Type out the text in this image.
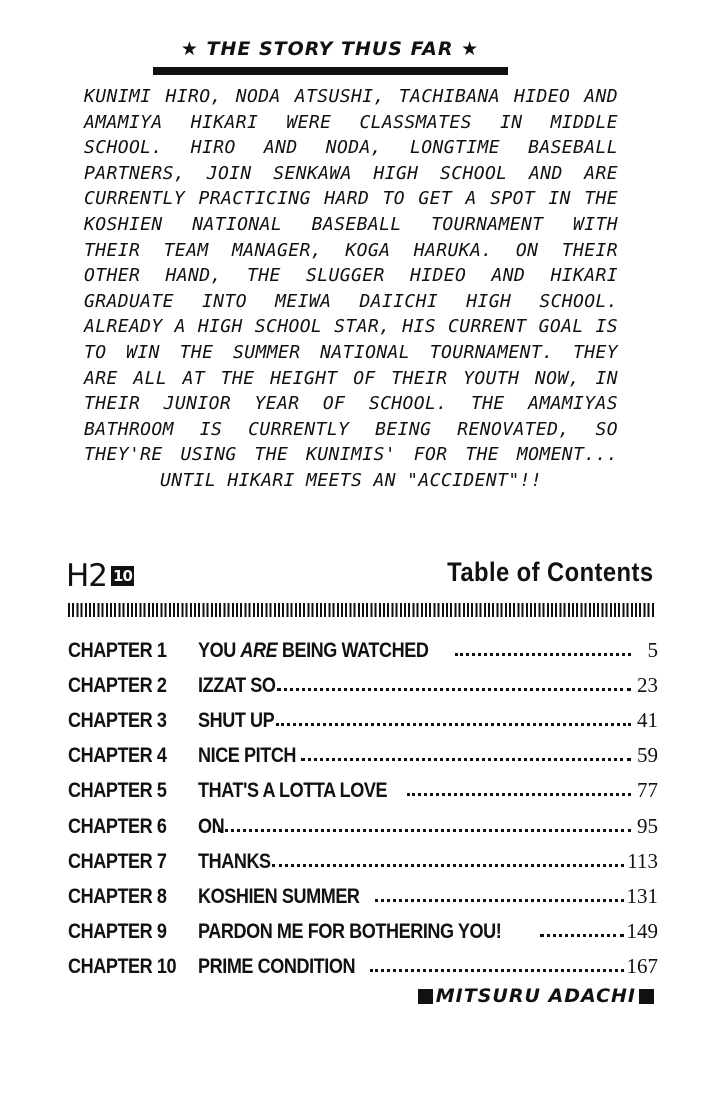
★ THE STORY THUS FAR ★
KUNIMI HIRO, NODA ATSUSHI, TACHIBANA HIDEO AND
AMAMIYA HIKARI WERE CLASSMATES IN MIDDLE
SCHOOL. HIRO AND NODA, LONGTIME BASEBALL
PARTNERS, JOIN SENKAWA HIGH SCHOOL AND ARE
CURRENTLY PRACTICING HARD TO GET A SPOT IN THE
KOSHIEN NATIONAL BASEBALL TOURNAMENT WITH
THEIR TEAM MANAGER, KOGA HARUKA. ON THEIR
OTHER HAND, THE SLUGGER HIDEO AND HIKARI
GRADUATE INTO MEIWA DAIICHI HIGH SCHOOL.
ALREADY A HIGH SCHOOL STAR, HIS CURRENT GOAL IS
TO WIN THE SUMMER NATIONAL TOURNAMENT. THEY
ARE ALL AT THE HEIGHT OF THEIR YOUTH NOW, IN
THEIR JUNIOR YEAR OF SCHOOL. THE AMAMIYAS
BATHROOM IS CURRENTLY BEING RENOVATED, SO
THEY'RE USING THE KUNIMIS' FOR THE MOMENT...
UNTIL HIKARI MEETS AN "ACCIDENT"!!
H2 10	Table of Contents
CHAPTER 1	YOU ARE BEING WATCHED	5
CHAPTER 2	IZZAT SO	23
CHAPTER 3	SHUT UP	41
CHAPTER 4	NICE PITCH	59
CHAPTER 5	THAT'S A LOTTA LOVE	77
CHAPTER 6	ON	95
CHAPTER 7	THANKS	113
CHAPTER 8	KOSHIEN SUMMER	131
CHAPTER 9	PARDON ME FOR BOTHERING YOU!	149
CHAPTER 10 PRIME CONDITION	167
MITSURU ADACHI
